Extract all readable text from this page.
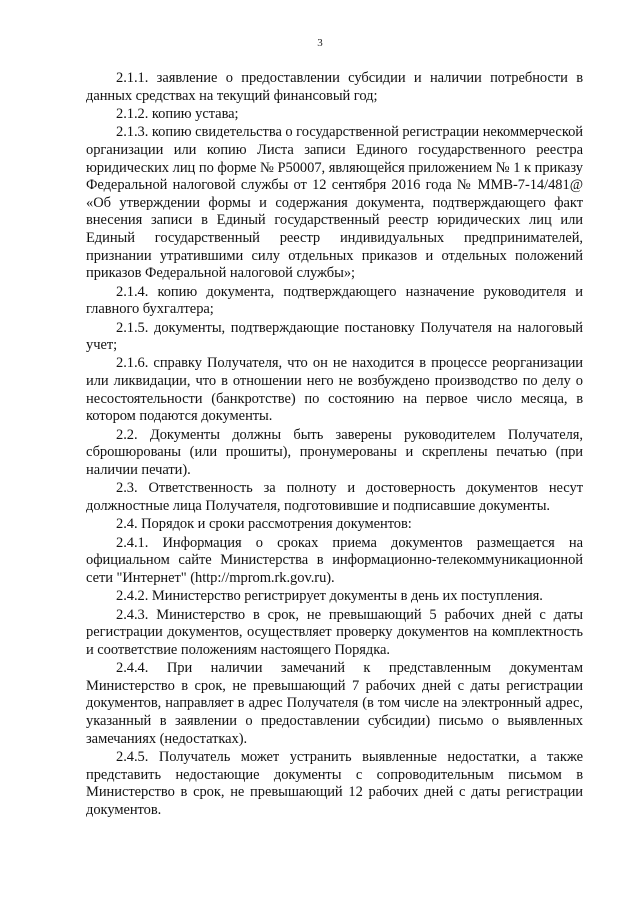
3

2.1.1. заявление о предоставлении субсидии и наличии потребности в данных средствах на текущий финансовый год;

2.1.2. копию устава;

2.1.3. копию свидетельства о государственной регистрации некоммерческой организации или копию Листа записи Единого государственного реестра юридических лиц по форме № Р50007, являющейся приложением № 1 к приказу Федеральной налоговой службы от 12 сентября 2016 года № ММВ-7-14/481@ «Об утверждении формы и содержания документа, подтверждающего факт внесения записи в Единый государственный реестр юридических лиц или Единый государственный реестр индивидуальных предпринимателей, признании утратившими силу отдельных приказов и отдельных положений приказов Федеральной налоговой службы»;

2.1.4. копию документа, подтверждающего назначение руководителя и главного бухгалтера;

2.1.5. документы, подтверждающие постановку Получателя на налоговый учет;

2.1.6. справку Получателя, что он не находится в процессе реорганизации или ликвидации, что в отношении него не возбуждено производство по делу о несостоятельности (банкротстве) по состоянию на первое число месяца, в котором подаются документы.

2.2. Документы должны быть заверены руководителем Получателя, сброшюрованы (или прошиты), пронумерованы и скреплены печатью (при наличии печати).

2.3. Ответственность за полноту и достоверность документов несут должностные лица Получателя, подготовившие и подписавшие документы.

2.4. Порядок и сроки рассмотрения документов:

2.4.1. Информация о сроках приема документов размещается на официальном сайте Министерства в информационно-телекоммуникационной сети "Интернет" (http://mprom.rk.gov.ru).

2.4.2. Министерство регистрирует документы в день их поступления.

2.4.3. Министерство в срок, не превышающий 5 рабочих дней с даты регистрации документов, осуществляет проверку документов на комплектность и соответствие положениям настоящего Порядка.

2.4.4. При наличии замечаний к представленным документам Министерство в срок, не превышающий 7 рабочих дней с даты регистрации документов, направляет в адрес Получателя (в том числе на электронный адрес, указанный в заявлении о предоставлении субсидии) письмо о выявленных замечаниях (недостатках).

2.4.5. Получатель может устранить выявленные недостатки, а также представить недостающие документы с сопроводительным письмом в Министерство в срок, не превышающий 12 рабочих дней с даты регистрации документов.
